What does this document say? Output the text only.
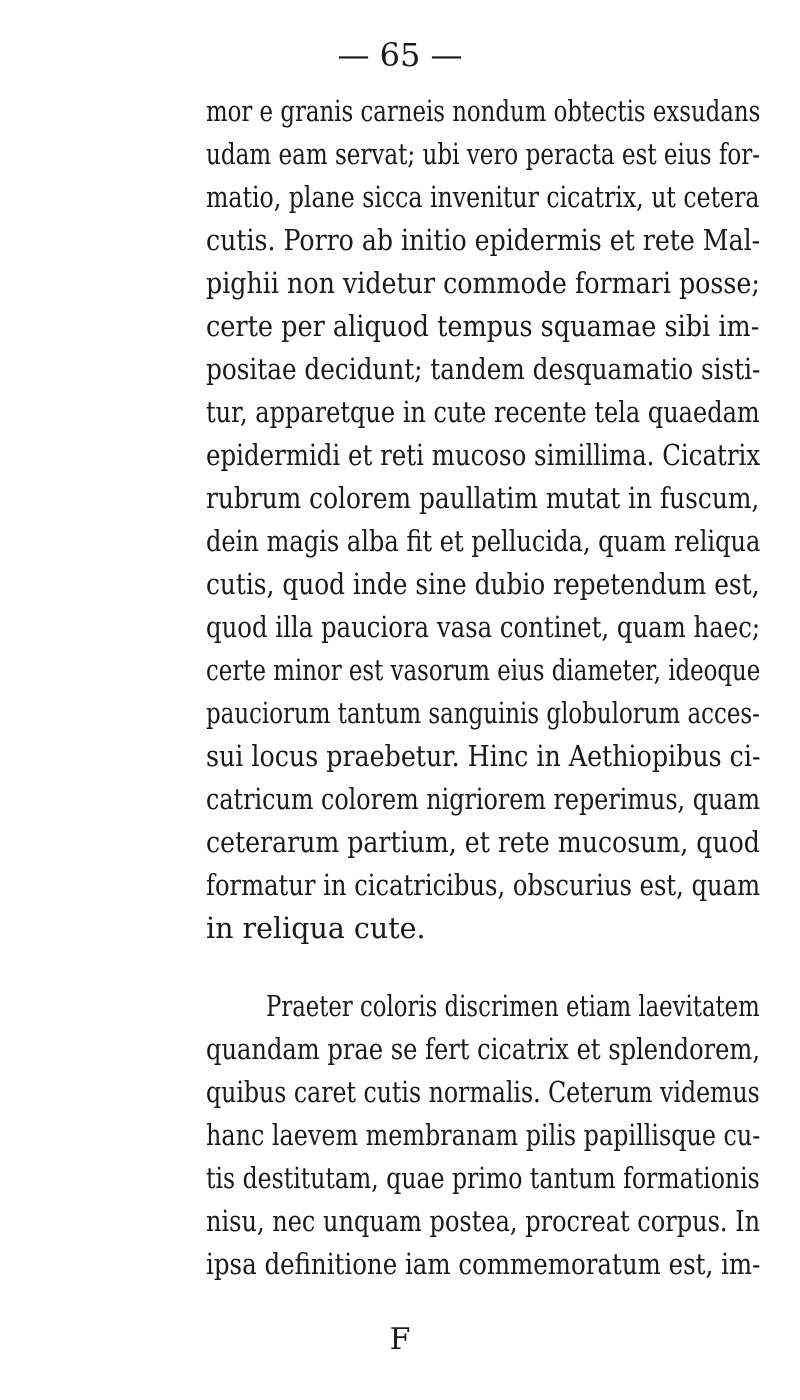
— 65 —
mor e granis carneis nondum obtectis exsudans
udam eam servat; ubi vero peracta est eius for-
matio, plane sicca invenitur cicatrix, ut cetera
cutis. Porro ab initio epidermis et rete Mal-
pighii non videtur commode formari posse;
certe per aliquod tempus squamae sibi im-
positae decidunt; tandem desquamatio sisti-
tur, apparetque in cute recente tela quaedam
epidermidi et reti mucoso simillima. Cicatrix
rubrum colorem paullatim mutat in fuscum,
dein magis alba fit et pellucida, quam reliqua
cutis, quod inde sine dubio repetendum est,
quod illa pauciora vasa continet, quam haec;
certe minor est vasorum eius diameter, ideoque
pauciorum tantum sanguinis globulorum acces-
sui locus praebetur. Hinc in Aethiopibus ci-
catricum colorem nigriorem reperimus, quam
ceterarum partium, et rete mucosum, quod
formatur in cicatricibus, obscurius est, quam
in reliqua cute.
Praeter coloris discrimen etiam laevitatem
quandam prae se fert cicatrix et splendorem,
quibus caret cutis normalis. Ceterum videmus
hanc laevem membranam pilis papillisque cu-
tis destitutam, quae primo tantum formationis
nisu, nec unquam postea, procreat corpus. In
ipsa definitione iam commemoratum est, im-
F
